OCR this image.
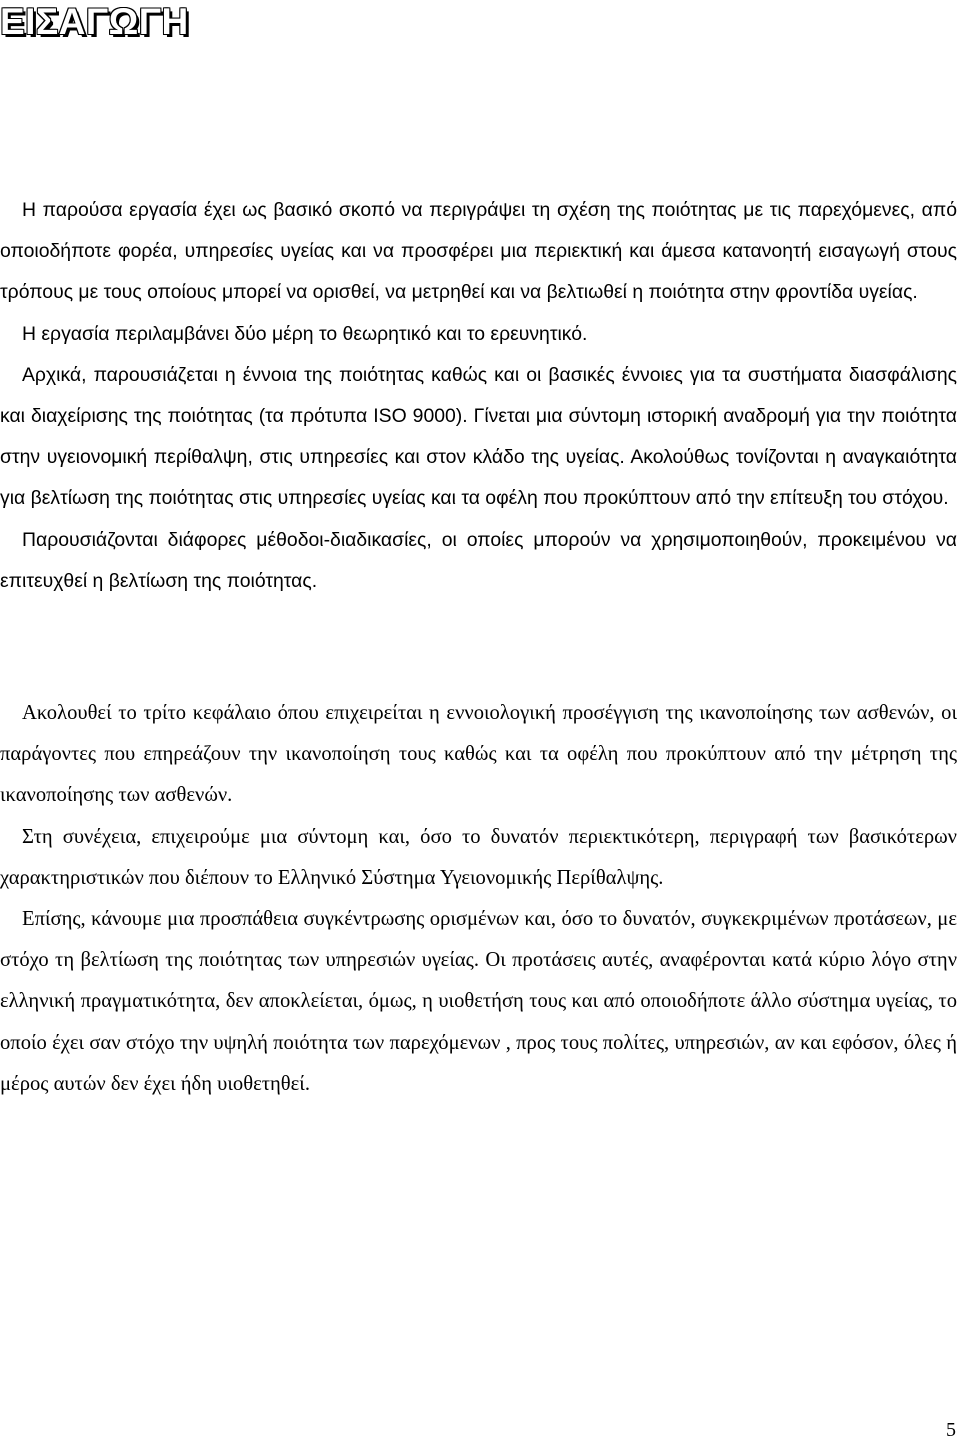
ΕΙΣΑΓΩΓΗ

Η παρούσα εργασία έχει ως βασικό σκοπό να περιγράψει τη σχέση της ποιότητας με τις παρεχόμενες, από οποιοδήποτε φορέα, υπηρεσίες υγείας και να προσφέρει μια περιεκτική και άμεσα κατανοητή εισαγωγή στους τρόπους με τους οποίους μπορεί να ορισθεί, να μετρηθεί και να βελτιωθεί η ποιότητα στην φροντίδα υγείας.

Η εργασία περιλαμβάνει δύο μέρη το θεωρητικό και το ερευνητικό.

Αρχικά, παρουσιάζεται η έννοια της ποιότητας καθώς και οι βασικές έννοιες για τα συστήματα διασφάλισης και διαχείρισης της ποιότητας (τα πρότυπα ISO 9000). Γίνεται μια σύντομη ιστορική αναδρομή για την ποιότητα στην υγειονομική περίθαλψη, στις υπηρεσίες και στον κλάδο της υγείας. Ακολούθως τονίζονται η αναγκαιότητα για βελτίωση της ποιότητας στις υπηρεσίες υγείας και τα οφέλη που προκύπτουν από την επίτευξη του στόχου.

Παρουσιάζονται διάφορες μέθοδοι-διαδικασίες, οι οποίες μπορούν να χρησιμοποιηθούν, προκειμένου να επιτευχθεί η βελτίωση της ποιότητας.

Ακολουθεί το τρίτο κεφάλαιο όπου επιχειρείται η εννοιολογική προσέγγιση της ικανοποίησης των ασθενών, οι παράγοντες που επηρεάζουν την ικανοποίηση τους καθώς και τα οφέλη που προκύπτουν από την μέτρηση της ικανοποίησης των ασθενών.

Στη συνέχεια, επιχειρούμε μια σύντομη και, όσο το δυνατόν περιεκτικότερη, περιγραφή των βασικότερων χαρακτηριστικών που διέπουν το Ελληνικό Σύστημα Υγειονομικής Περίθαλψης.

Επίσης, κάνουμε μια προσπάθεια συγκέντρωσης ορισμένων και, όσο το δυνατόν, συγκεκριμένων προτάσεων, με στόχο τη βελτίωση της ποιότητας των υπηρεσιών υγείας. Οι προτάσεις αυτές, αναφέρονται κατά κύριο λόγο στην ελληνική πραγματικότητα, δεν αποκλείεται, όμως, η υιοθετήση τους και από οποιοδήποτε άλλο σύστημα υγείας, το οποίο έχει σαν στόχο την υψηλή ποιότητα των παρεχόμενων , προς τους πολίτες, υπηρεσιών, αν και εφόσον, όλες ή μέρος αυτών δεν έχει ήδη υιοθετηθεί.

5
